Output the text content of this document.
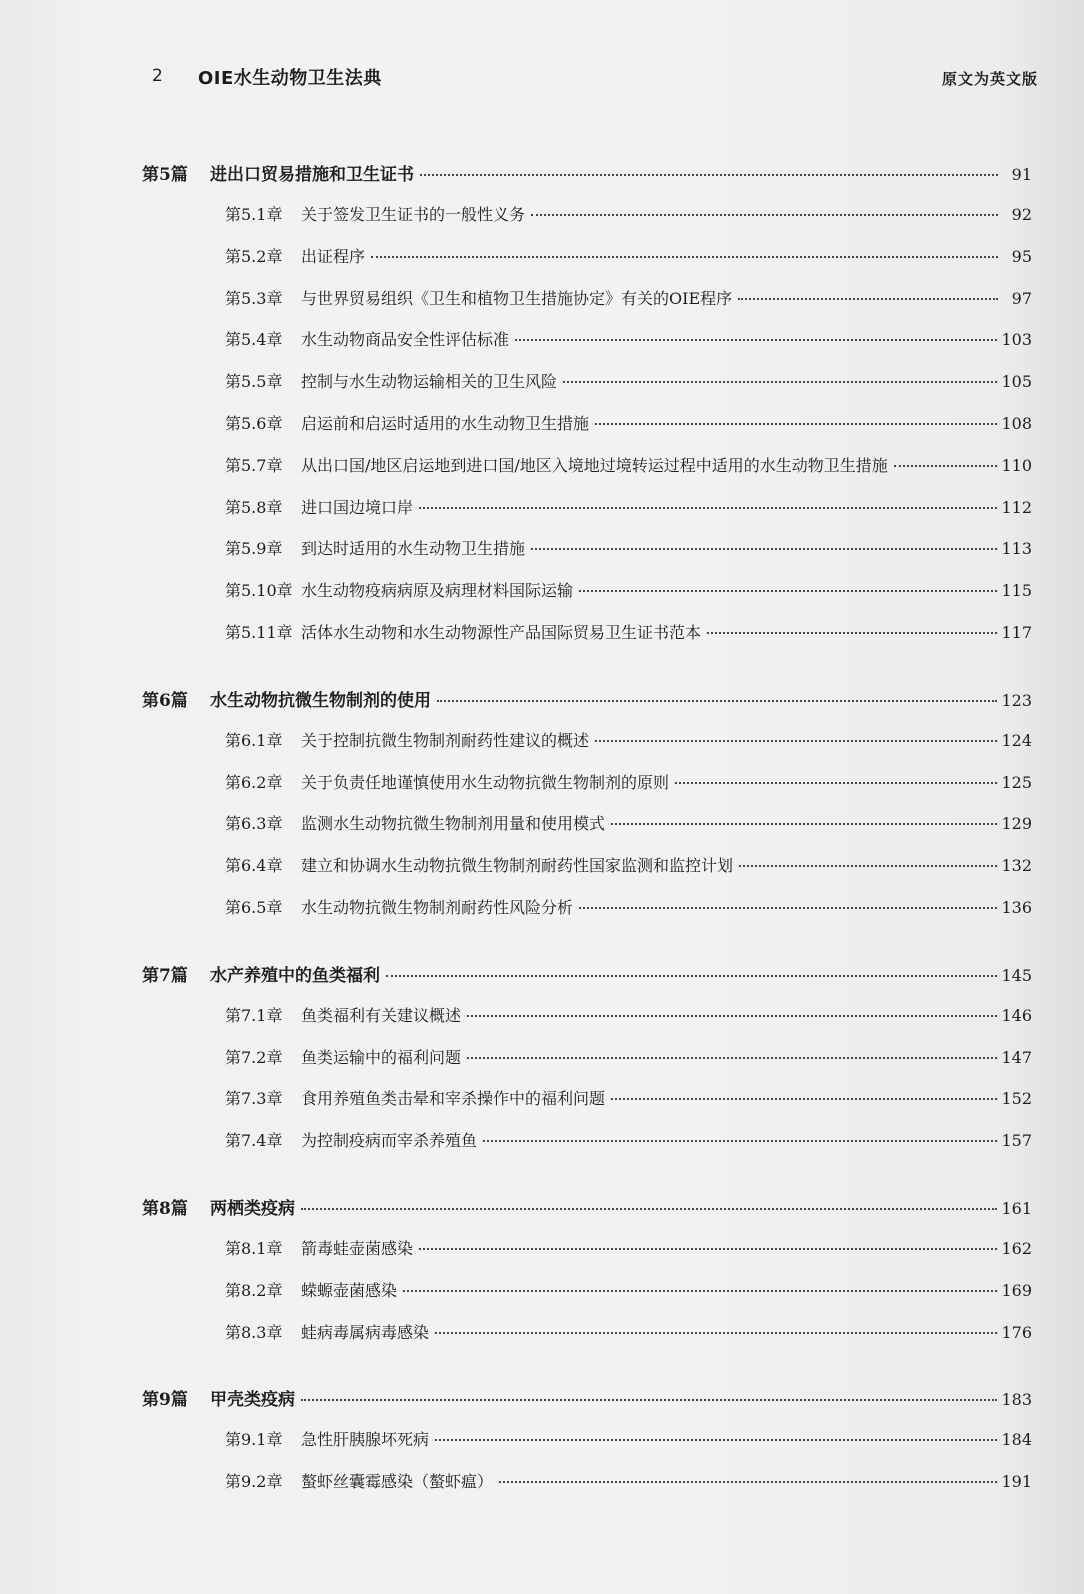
2 OIE水生动物卫生法典	原文为英文版
第5篇	进出口贸易措施和卫生证书	91
第5.1章	关于签发卫生证书的一般性义务	92
第5.2章	出证程序	95
第5.3章	与世界贸易组织《卫生和植物卫生措施协定》有关的OIE程序	97
第5.4章	水生动物商品安全性评估标准	103
第5.5章	控制与水生动物运输相关的卫生风险	105
第5.6章	启运前和启运时适用的水生动物卫生措施	108
第5.7章	从出口国/地区启运地到进口国/地区入境地过境转运过程中适用的水生动物卫生措施	110
第5.8章	进口国边境口岸	112
第5.9章	到达时适用的水生动物卫生措施	113
第5.10章 水生动物疫病病原及病理材料国际运输	115
第5.11章 活体水生动物和水生动物源性产品国际贸易卫生证书范本	117
第6篇	水生动物抗微生物制剂的使用	123
第6.1章	关于控制抗微生物制剂耐药性建议的概述	124
第6.2章	关于负责任地谨慎使用水生动物抗微生物制剂的原则	125
第6.3章	监测水生动物抗微生物制剂用量和使用模式	129
第6.4章	建立和协调水生动物抗微生物制剂耐药性国家监测和监控计划	132
第6.5章	水生动物抗微生物制剂耐药性风险分析	136
第7篇	水产养殖中的鱼类福利	145
第7.1章	鱼类福利有关建议概述	146
第7.2章	鱼类运输中的福利问题	147
第7.3章	食用养殖鱼类击晕和宰杀操作中的福利问题	152
第7.4章	为控制疫病而宰杀养殖鱼	157
第8篇	两栖类疫病	161
第8.1章	箭毒蛙壶菌感染	162
第8.2章	蝾螈壶菌感染	169
第8.3章	蛙病毒属病毒感染	176
第9篇	甲壳类疫病	183
第9.1章	急性肝胰腺坏死病	184
第9.2章	螯虾丝囊霉感染（螯虾瘟）	191
